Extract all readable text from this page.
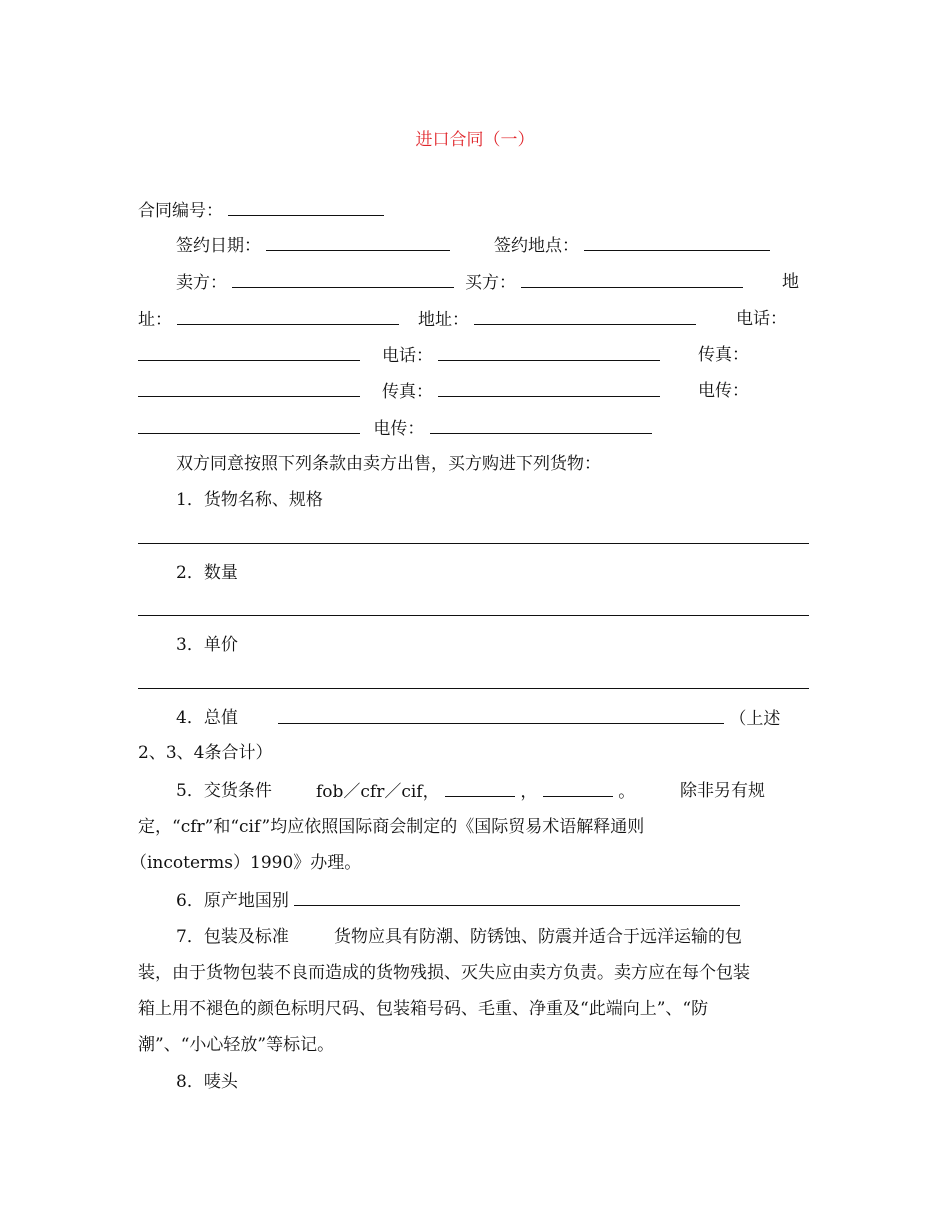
进口合同（一）
合同编号：
签约日期：	签约地点：
卖方：	买方：	地
址：	地址：	电话：
电话：	传真：
传真：	电传：
电传：
双方同意按照下列条款由卖方出售，买方购进下列货物：
1．货物名称、规格
2．数量
3．单价
4．总值	（上述
2、3、4条合计）
5．交货条件	fob／cfr／cif，	，	。	除非另有规
定，“cfr”和“cif”均应依照国际商会制定的《国际贸易术语解释通则
（incoterms）1990》办理。
6．原产地国别
7．包装及标准	货物应具有防潮、防锈蚀、防震并适合于远洋运输的包
装，由于货物包装不良而造成的货物残损、灭失应由卖方负责。卖方应在每个包装
箱上用不褪色的颜色标明尺码、包装箱号码、毛重、净重及“此端向上”、“防
潮”、“小心轻放”等标记。
8．唛头
